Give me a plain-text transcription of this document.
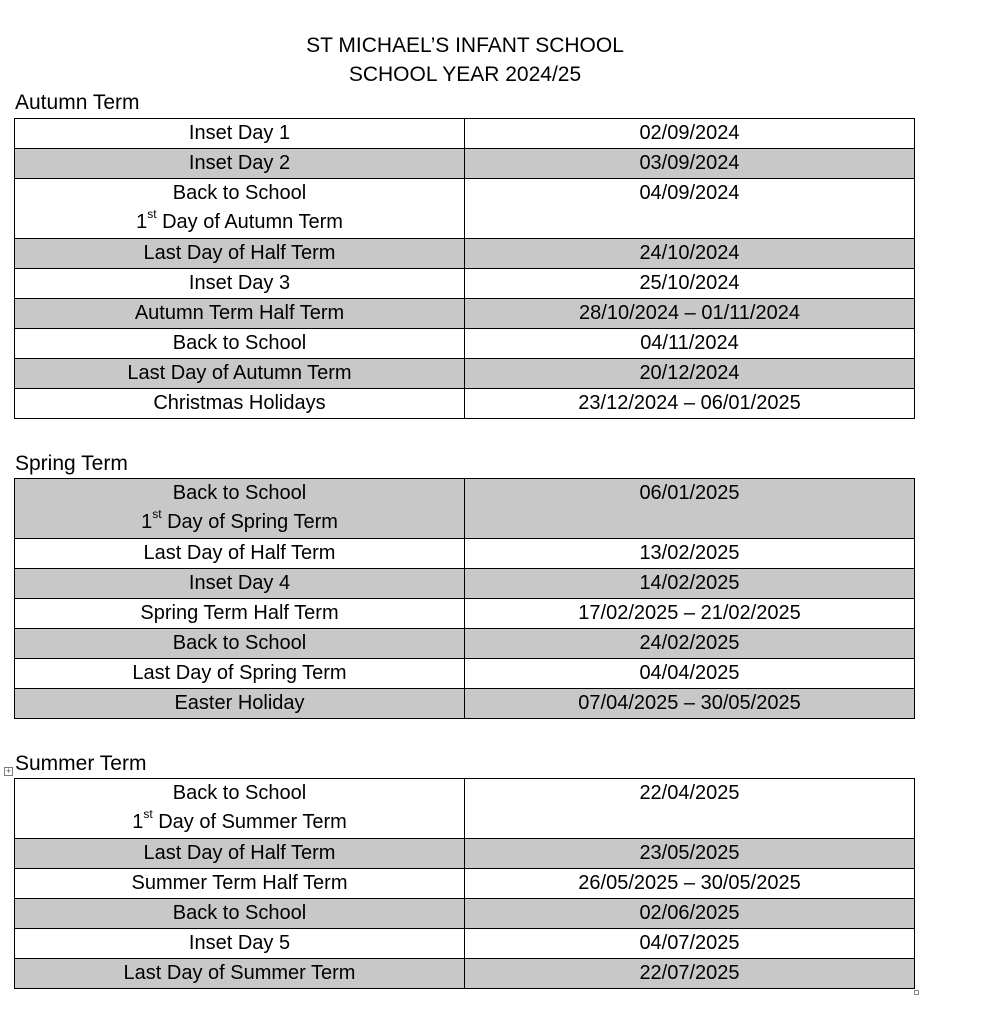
ST MICHAEL’S INFANT SCHOOL
SCHOOL YEAR 2024/25
Autumn Term
Inset Day 1	02/09/2024
Inset Day 2	03/09/2024

Back to School
1st Day of Autumn Term	04/09/2024
Last Day of Half Term	24/10/2024
Inset Day 3	25/10/2024
Autumn Term Half Term	28/10/2024 – 01/11/2024
Back to School	04/11/2024
Last Day of Autumn Term	20/12/2024
Christmas Holidays	23/12/2024 – 06/01/2025
Spring Term
Back to School
1st Day of Spring Term	06/01/2025
Last Day of Half Term	13/02/2025
Inset Day 4	14/02/2025
Spring Term Half Term	17/02/2025 – 21/02/2025
Back to School	24/02/2025
Last Day of Spring Term	04/04/2025
Easter Holiday	07/04/2025 – 30/05/2025
+ Summer Term
Back to School
1st Day of Summer Term	22/04/2025
Last Day of Half Term	23/05/2025
Summer Term Half Term	26/05/2025 – 30/05/2025
Back to School	02/06/2025
Inset Day 5	04/07/2025
Last Day of Summer Term	22/07/2025
